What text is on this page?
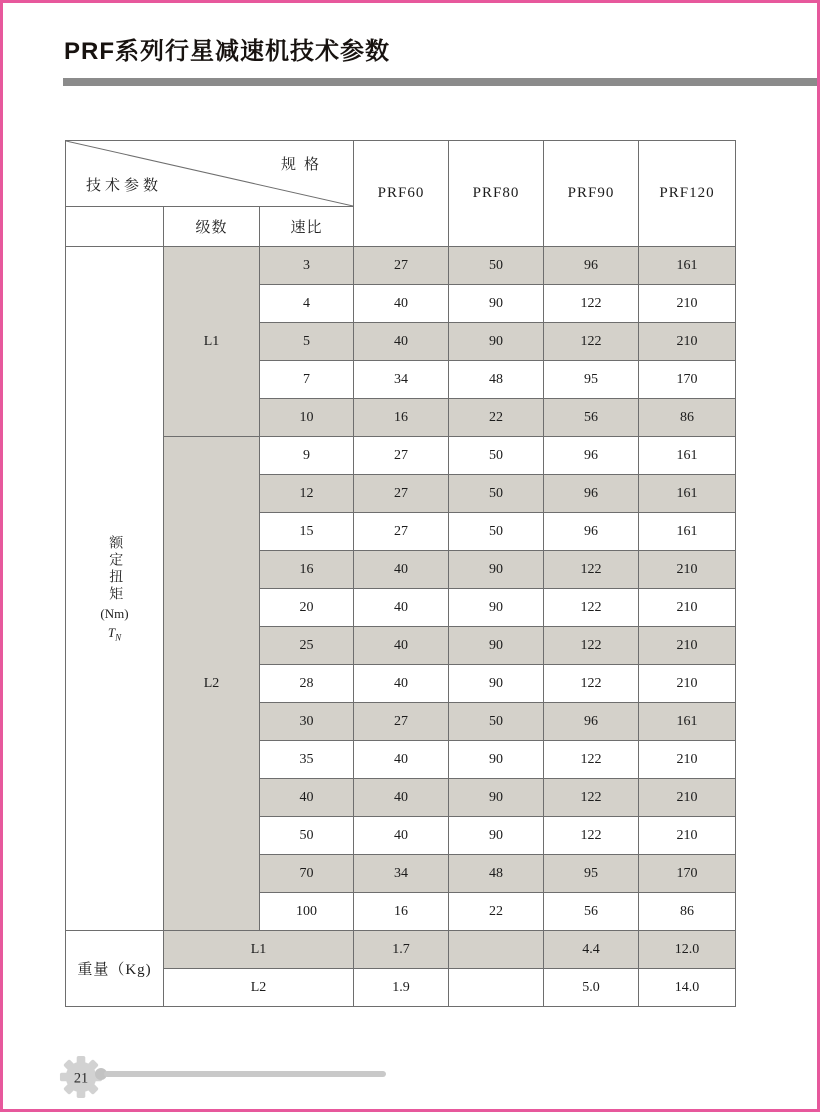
PRF系列行星减速机技术参数
规格
技术参数			PRF60	PRF80	PRF90	PRF120
	级数	速比				

额定扭矩
(Nm)
$T_N$	L1	3	27	50	96	161
		4	40	90	122	210
		5	40	90	122	210
		7	34	48	95	170
		10	16	22	56	86
	L2	9	27	50	96	161
		12	27	50	96	161
		15	27	50	96	161
		16	40	90	122	210
		20	40	90	122	210
		25	40	90	122	210
		28	40	90	122	210
		30	27	50	96	161
		35	40	90	122	210
		40	40	90	122	210
		50	40	90	122	210
		70	34	48	95	170
		100	16	22	56	86
重量（Kg)	L1		1.7		4.4	12.0
	L2		1.9		5.0	14.0
21
